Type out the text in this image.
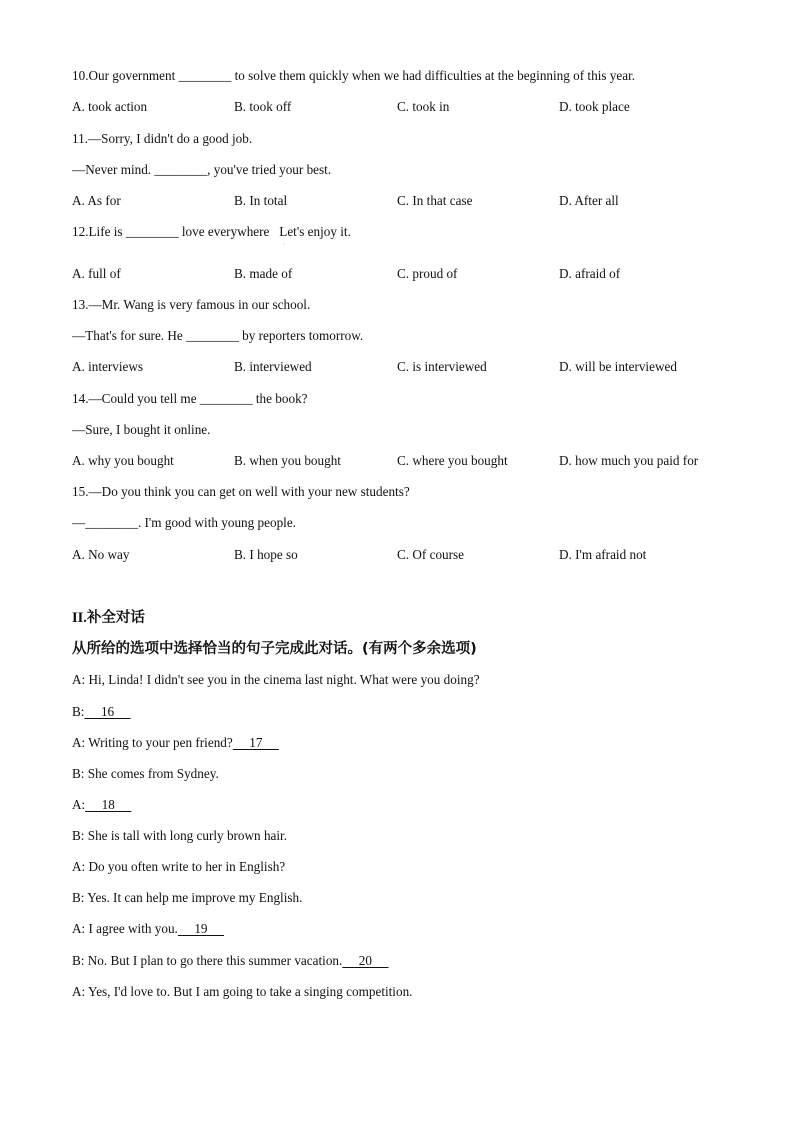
10.Our government ________ to solve them quickly when we had difficulties at the beginning of this year.
A. took action	B. took off	C. took in	D. took place
11.—Sorry, I didn't do a good job.
—Never mind. ________, you've tried your best.
A. As for	B. In total	C. In that case	D. After all
12.Life is ________ love everywhere   Let's enjoy it.
·
A. full of	B. made of	C. proud of	D. afraid of
13.—Mr. Wang is very famous in our school.
—That's for sure. He ________ by reporters tomorrow.
A. interviews	B. interviewed	C. is interviewed	D. will be interviewed
14.—Could you tell me ________ the book?
—Sure, I bought it online.
A. why you bought	B. when you bought	C. where you bought	D. how much you paid for
15.—Do you think you can get on well with your new students?
—________. I'm good with young people.
A. No way	B. I hope so	C. Of course	D. I'm afraid not
II.补全对话
从所给的选项中选择恰当的句子完成此对话。(有两个多余选项)
A: Hi, Linda! I didn't see you in the cinema last night. What were you doing?
B:     16
A: Writing to your pen friend?     17
B: She comes from Sydney.
A:     18
B: She is tall with long curly brown hair.
A: Do you often write to her in English?
B: Yes. It can help me improve my English.
A: I agree with you.     19
B: No. But I plan to go there this summer vacation.     20
A: Yes, I'd love to. But I am going to take a singing competition.
